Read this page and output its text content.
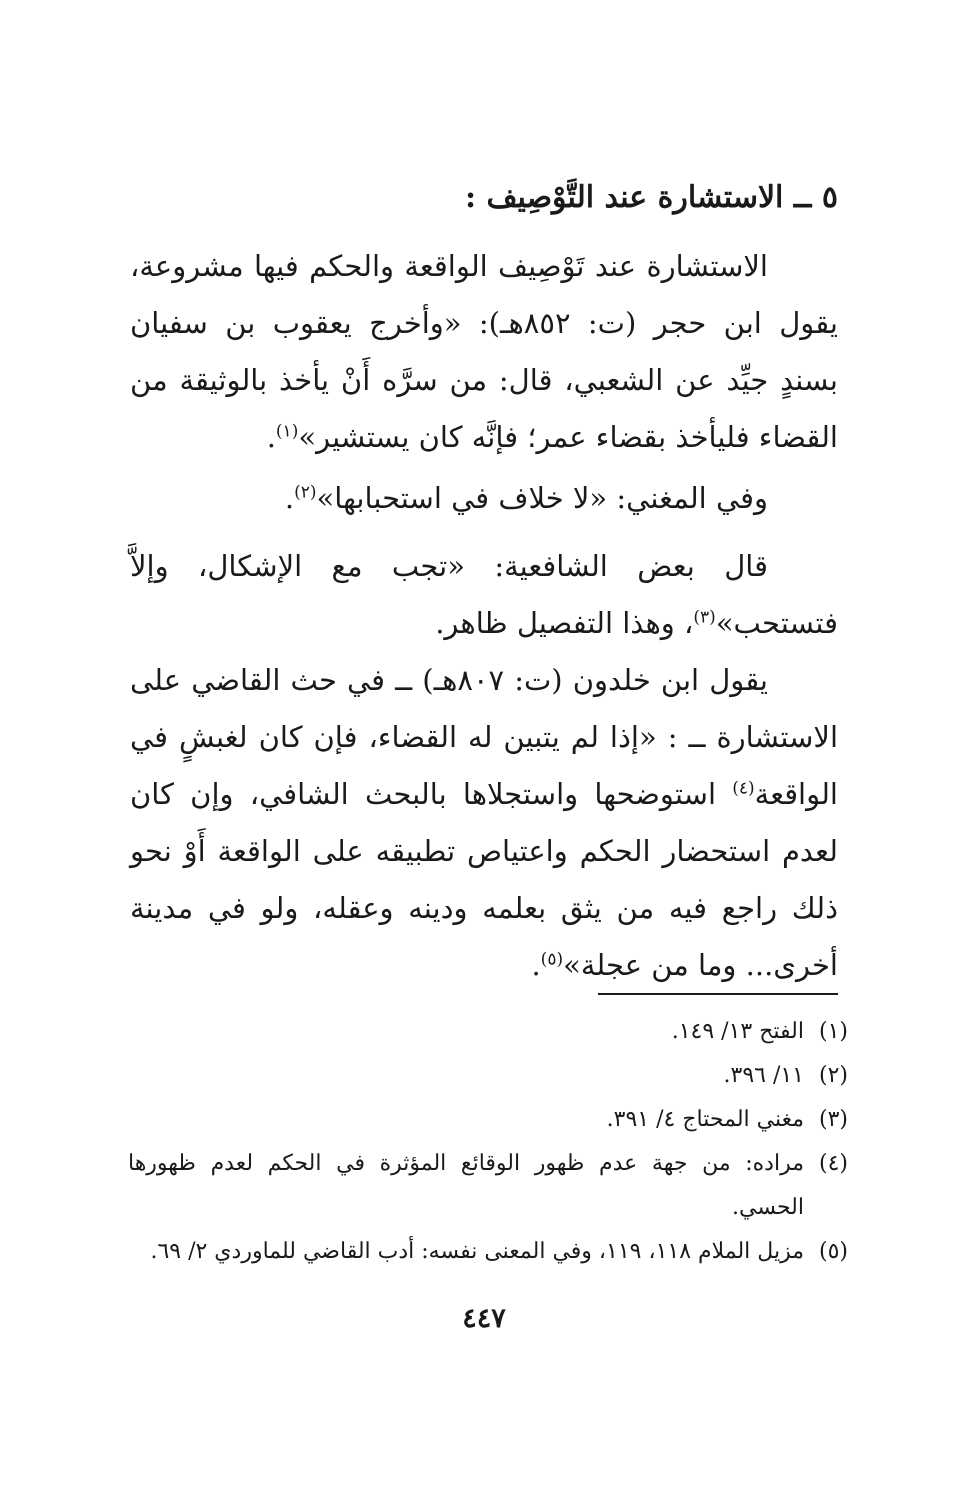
٥ ــ الاستشارة عند التَّوْصِيف :
الاستشارة عند تَوْصِيف الواقعة والحكم فيها مشروعة، يقول ابن حجر (ت: ٨٥٢هـ): «وأخرج يعقوب بن سفيان بسندٍ جيِّد عن الشعبي، قال: من سرَّه أَنْ يأخذ بالوثيقة من القضاء فليأخذ بقضاء عمر؛ فإنَّه كان يستشير»$^{(١)}$.
وفي المغني: «لا خلاف في استحبابها»$^{(٢)}$.
قال بعض الشافعية: «تجب مع الإشكال، وإلاَّ فتستحب»$^{(٣)}$، وهذا التفصيل ظاهر.
يقول ابن خلدون (ت: ٨٠٧هـ) ــ في حث القاضي على الاستشارة ــ : «إذا لم يتبين له القضاء، فإن كان لغبشٍ في الواقعة$^{(٤)}$ استوضحها واستجلاها بالبحث الشافي، وإن كان لعدم استحضار الحكم واعتياص تطبيقه على الواقعة أَوْ نحو ذلك راجع فيه من يثق بعلمه ودينه وعقله، ولو في مدينة أخرى... وما من عجلة»$^{(٥)}$.
(١)
الفتح ١٣/ ١٤٩.
(٢)
١١/ ٣٩٦.
(٣)
مغني المحتاج ٤/ ٣٩١.
(٤)
مراده: من جهة عدم ظهور الوقائع المؤثرة في الحكم لعدم ظهورها الحسي.
(٥)
مزيل الملام ١١٨، ١١٩، وفي المعنى نفسه: أدب القاضي للماوردي ٢/ ٦٩.
٤٤٧
